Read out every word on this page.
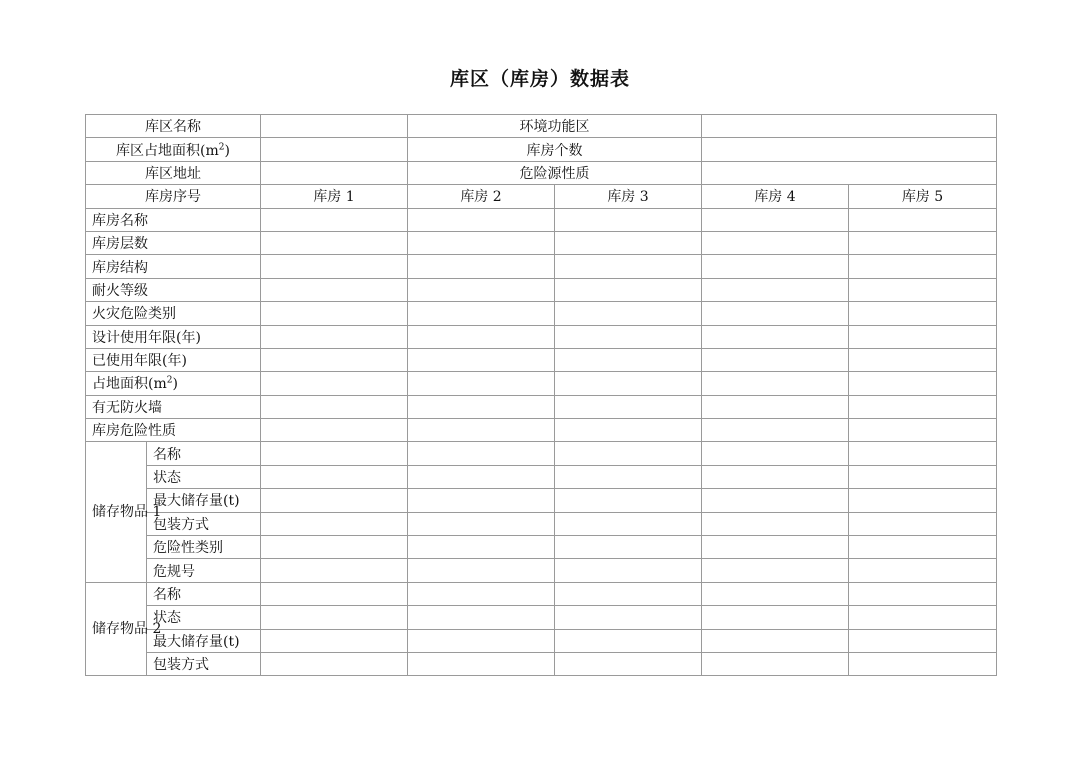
库区（库房）数据表
库区名称			环境功能区			
库区占地面积$(m^2)$			库房个数			
库区地址			危险源性质			
库房序号		库房 1	库房 2	库房 3	库房 4	库房 5
库房名称						
库房层数						
库房结构						
耐火等级						
火灾危险类别						
设计使用年限(年)						
已使用年限(年)						
占地面积$(m^2)$						
有无防火墙						
库房危险性质						
储存物品 1	名称					
	状态					
	最大储存量(t)					
	包装方式					
	危险性类别					
	危规号					
储存物品 2	名称					
	状态					
	最大储存量(t)					
	包装方式					
